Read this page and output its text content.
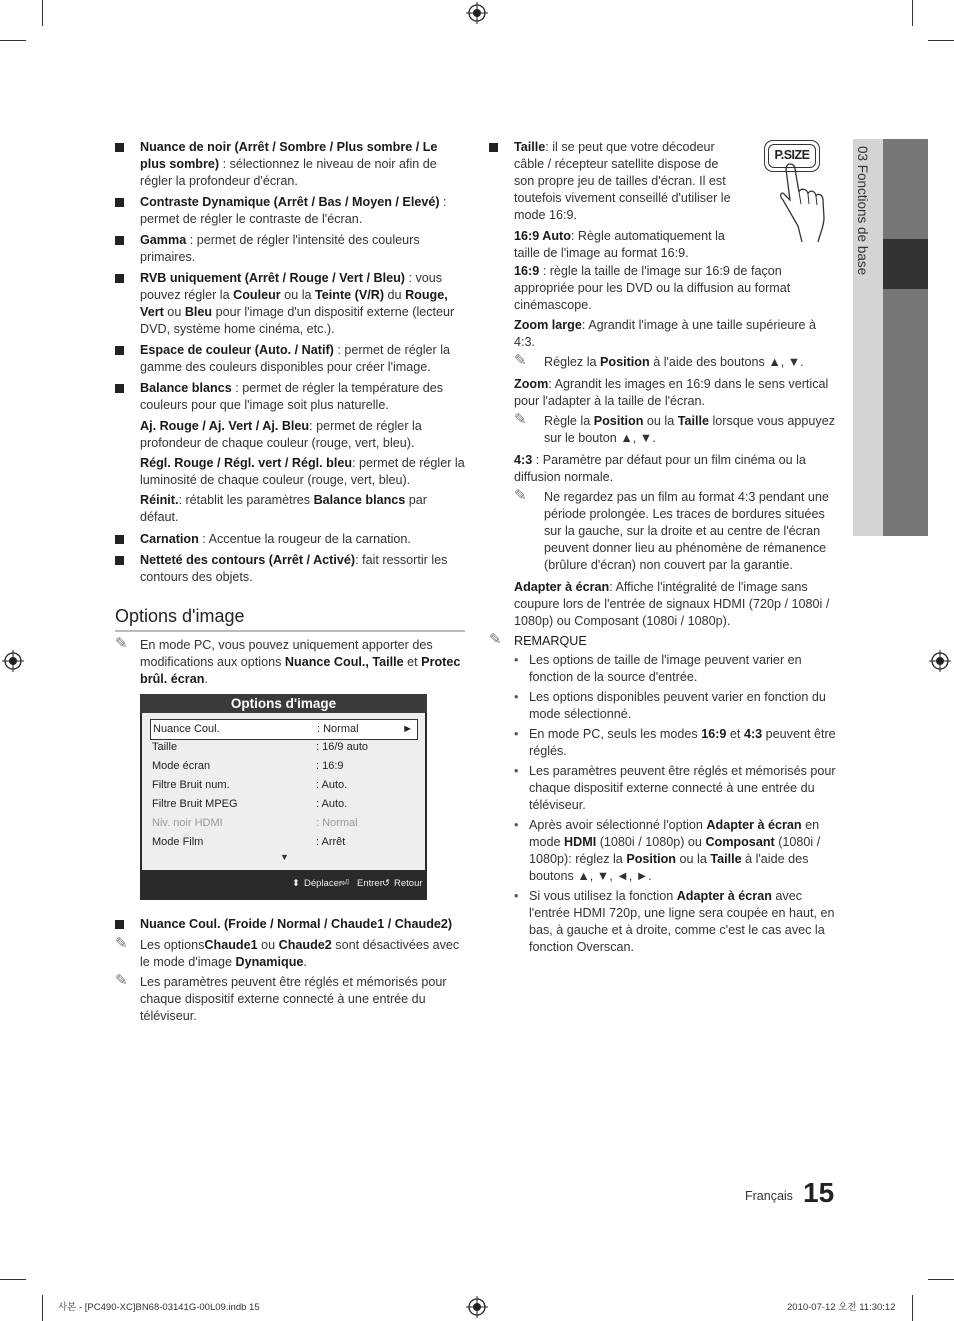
03 Fonctions de base
Nuance de noir (Arrêt / Sombre / Plus sombre / Le plus sombre) : sélectionnez le niveau de noir afin de régler la profondeur d'écran.
Contraste Dynamique (Arrêt / Bas / Moyen / Elevé) : permet de régler le contraste de l'écran.
Gamma : permet de régler l'intensité des couleurs primaires.
RVB uniquement (Arrêt / Rouge / Vert / Bleu) : vous pouvez régler la Couleur ou la Teinte (V/R) du Rouge, Vert ou Bleu pour l'image d'un dispositif externe (lecteur DVD, système home cinéma, etc.).
Espace de couleur (Auto. / Natif) : permet de régler la gamme des couleurs disponibles pour créer l'image.
Balance blancs : permet de régler la température des couleurs pour que l'image soit plus naturelle.
Aj. Rouge / Aj. Vert / Aj. Bleu: permet de régler la profondeur de chaque couleur (rouge, vert, bleu).
Régl. Rouge / Régl. vert / Régl. bleu: permet de régler la luminosité de chaque couleur (rouge, vert, bleu).
Réinit.: rétablit les paramètres Balance blancs par défaut.
Carnation : Accentue la rougeur de la carnation.
Netteté des contours (Arrêt / Activé): fait ressortir les contours des objets.
Options d'image
✎ En mode PC, vous pouvez uniquement apporter des modifications aux options Nuance Coul., Taille et Protec brûl. écran.
Options d'image
Nuance Coul.	: Normal	►
Taille	: 16/9 auto
Mode écran	: 16:9
Filtre Bruit num.	: Auto.
Filtre Bruit MPEG	: Auto.
Niv. noir HDMI	: Normal
Mode Film	: Arrêt
▼
⬍ Déplacer
⏎ Entrer ↺ Retour
Nuance Coul. (Froide / Normal / Chaude1 / Chaude2)
✎ Les optionsChaude1 ou Chaude2 sont désactivées avec le mode d'image Dynamique.
✎ Les paramètres peuvent être réglés et mémorisés pour chaque dispositif externe connecté à une entrée du téléviseur.
Taille: il se peut que votre décodeur câble / récepteur satellite dispose de son propre jeu de tailles d'écran. Il est toutefois vivement conseillé d'utiliser le mode 16:9.
16:9 Auto: Règle automatiquement la taille de l'image au format 16:9.
P.SIZE
16:9 : règle la taille de l'image sur 16:9 de façon appropriée pour les DVD ou la diffusion au format cinémascope.
Zoom large: Agrandit l'image à une taille supérieure à 4:3.
✎ Réglez la Position à l'aide des boutons ▲, ▼.
Zoom: Agrandit les images en 16:9 dans le sens vertical pour l'adapter à la taille de l'écran.
✎ Règle la Position ou la Taille lorsque vous appuyez sur le bouton ▲, ▼.
4:3 : Paramètre par défaut pour un film cinéma ou la diffusion normale.
✎ Ne regardez pas un film au format 4:3 pendant une période prolongée. Les traces de bordures situées sur la gauche, sur la droite et au centre de l'écran peuvent donner lieu au phénomène de rémanence (brûlure d'écran) non couvert par la garantie.
Adapter à écran: Affiche l'intégralité de l'image sans coupure lors de l'entrée de signaux HDMI (720p / 1080i / 1080p) ou Composant (1080i / 1080p).
✎ REMARQUE
• Les options de taille de l'image peuvent varier en fonction de la source d'entrée.
• Les options disponibles peuvent varier en fonction du mode sélectionné.
• En mode PC, seuls les modes 16:9 et 4:3 peuvent être réglés.
• Les paramètres peuvent être réglés et mémorisés pour chaque dispositif externe connecté à une entrée du téléviseur.
• Après avoir sélectionné l'option Adapter à écran en mode HDMI (1080i / 1080p) ou Composant (1080i / 1080p): réglez la Position ou la Taille à l'aide des boutons ▲, ▼, ◄, ►.
• Si vous utilisez la fonction Adapter à écran avec l'entrée HDMI 720p, une ligne sera coupée en haut, en bas, à gauche et à droite, comme c'est le cas avec la fonction Overscan.
Français 15
사본 - [PC490-XC]BN68-03141G-00L09.indb 15	2010-07-12 오전 11:30:12
